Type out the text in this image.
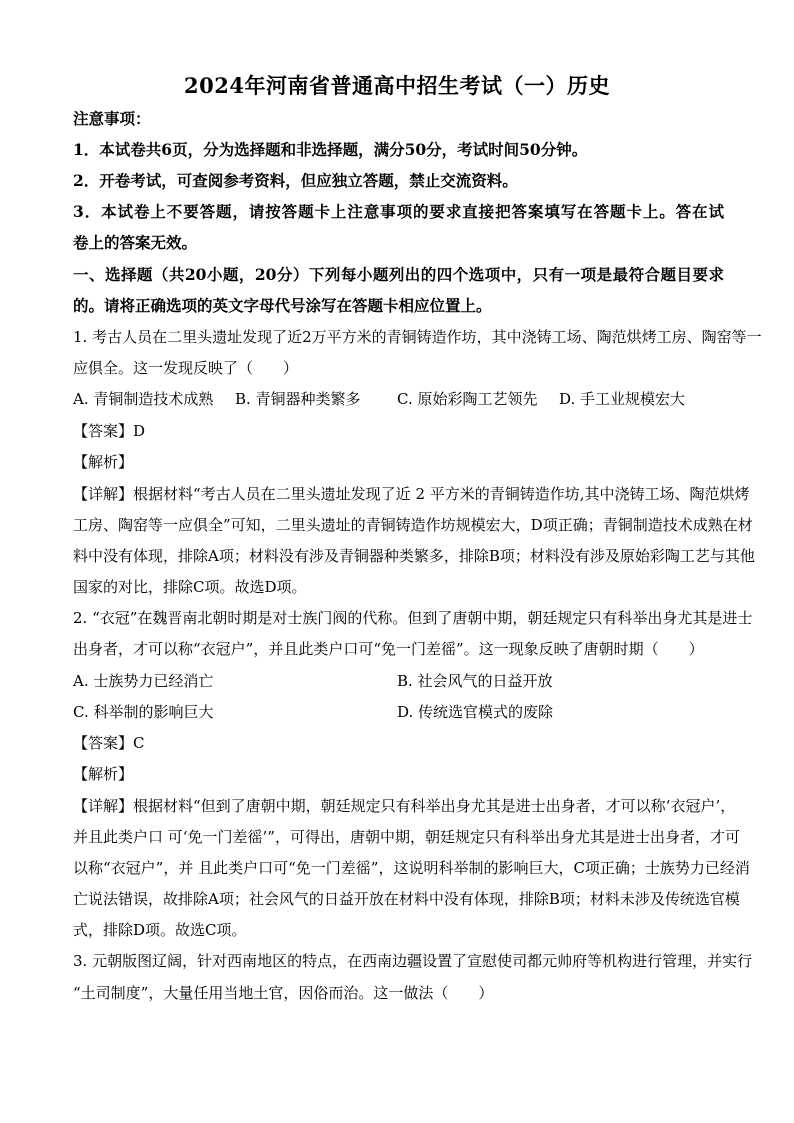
2024年河南省普通高中招生考试（一）历史
注意事项：
1．本试卷共6页，分为选择题和非选择题，满分50分，考试时间50分钟。
2．开卷考试，可查阅参考资料，但应独立答题，禁止交流资料。
3．本试卷上不要答题，请按答题卡上注意事项的要求直接把答案填写在答题卡上。答在试
卷上的答案无效。
一、选择题（共20小题，20分）下列每小题列出的四个选项中，只有一项是最符合题目要求
的。请将正确选项的英文字母代号涂写在答题卡相应位置上。
1. 考古人员在二里头遗址发现了近2万平方米的青铜铸造作坊，其中浇铸工场、陶范烘烤工房、陶窑等一
应俱全。这一发现反映了（　　）
A. 青铜制造技术成熟 B. 青铜器种类繁多 C. 原始彩陶工艺领先 D. 手工业规模宏大
【答案】D
【解析】
【详解】根据材料“考古人员在二里头遗址发现了近 2 平方米的青铜铸造作坊,其中浇铸工场、陶范烘烤
工房、陶窑等一应俱全”可知，二里头遗址的青铜铸造作坊规模宏大，D项正确；青铜制造技术成熟在材
料中没有体现，排除A项；材料没有涉及青铜器种类繁多，排除B项；材料没有涉及原始彩陶工艺与其他
国家的对比，排除C项。故选D项。
2. “衣冠”在魏晋南北朝时期是对士族门阀的代称。但到了唐朝中期，朝廷规定只有科举出身尤其是进士
出身者，才可以称“衣冠户”，并且此类户口可“免一门差徭”。这一现象反映了唐朝时期（　　）
A. 士族势力已经消亡	B. 社会风气的日益开放
C. 科举制的影响巨大	D. 传统选官模式的废除
【答案】C
【解析】
【详解】根据材料“但到了唐朝中期，朝廷规定只有科举出身尤其是进士出身者，才可以称‘衣冠户’，
并且此类户口 可‘免一门差徭’”，可得出，唐朝中期，朝廷规定只有科举出身尤其是进士出身者，才可
以称“衣冠户”，并 且此类户口可“免一门差徭”，这说明科举制的影响巨大，C项正确；士族势力已经消
亡说法错误，故排除A项；社会风气的日益开放在材料中没有体现，排除B项；材料未涉及传统选官模
式，排除D项。故选C项。
3. 元朝版图辽阔，针对西南地区的特点，在西南边疆设置了宣慰使司都元帅府等机构进行管理，并实行
“土司制度”，大量任用当地土官，因俗而治。这一做法（　　）
